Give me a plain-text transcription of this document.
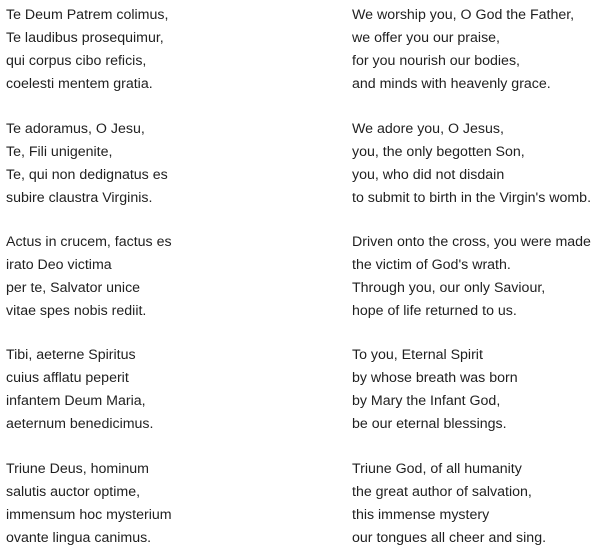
Te Deum Patrem colimus,
Te laudibus prosequimur,
qui corpus cibo reficis,
coelesti mentem gratia.
Te adoramus, O Jesu,
Te, Fili unigenite,
Te, qui non dedignatus es
subire claustra Virginis.
Actus in crucem, factus es
irato Deo victima
per te, Salvator unice
vitae spes nobis rediit.
Tibi, aeterne Spiritus
cuius afflatu peperit
infantem Deum Maria,
aeternum benedicimus.
Triune Deus, hominum
salutis auctor optime,
immensum hoc mysterium
ovante lingua canimus.
We worship you, O God the Father,
we offer you our praise,
for you nourish our bodies,
and minds with heavenly grace.
We adore you, O Jesus,
you, the only begotten Son,
you, who did not disdain
to submit to birth in the Virgin's womb.
Driven onto the cross, you were made
the victim of God's wrath.
Through you, our only Saviour,
hope of life returned to us.
To you, Eternal Spirit
by whose breath was born
by Mary the Infant God,
be our eternal blessings.
Triune God, of all humanity
the great author of salvation,
this immense mystery
our tongues all cheer and sing.
